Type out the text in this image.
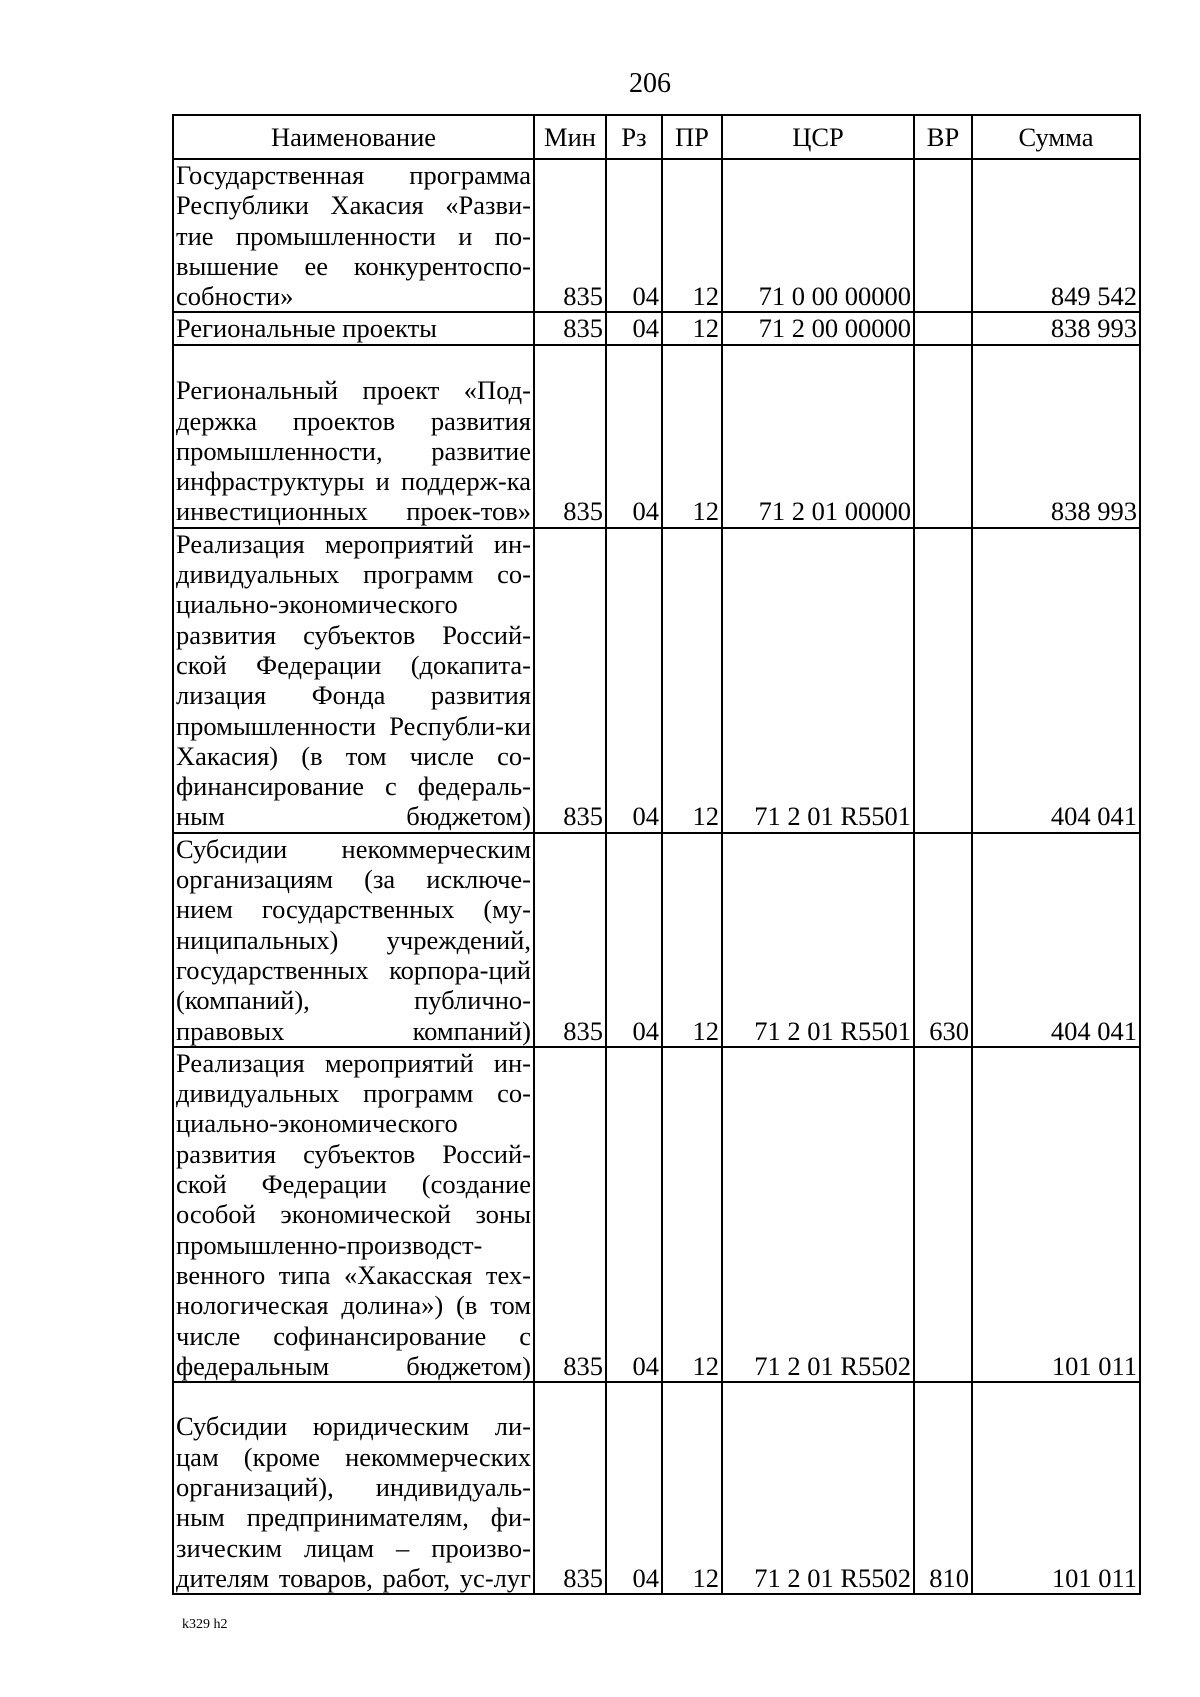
206
Наименование	Мин	Рз	ПР	ЦСР	ВР	Сумма
Государственная программа Республики Хакасия «Разви-тие промышленности и по-вышение ее конкурентоспо-собности»	835	04	12	71 0 00 00000		849 542
Региональные проекты	835	04	12	71 2 00 00000		838 993
Региональный проект «Под-держка проектов развития промышленности, развитие инфраструктуры и поддерж-ка инвестиционных проек-тов»	835	04	12	71 2 01 00000		838 993
Реализация мероприятий ин-дивидуальных программ со-циально-экономического развития субъектов Россий-ской Федерации (докапита-лизация Фонда развития промышленности Республи-ки Хакасия) (в том числе со-финансирование с федераль-ным бюджетом)	835	04	12	71 2 01 R5501		404 041
Субсидии некоммерческим организациям (за исключе-нием государственных (му-ниципальных) учреждений, государственных корпора-ций (компаний), публично-правовых компаний)	835	04	12	71 2 01 R5501	630	404 041
Реализация мероприятий ин-дивидуальных программ со-циально-экономического развития субъектов Россий-ской Федерации (создание особой экономической зоны промышленно-производст-венного типа «Хакасская тех-нологическая долина») (в том числе софинансирование с федеральным бюджетом)	835	04	12	71 2 01 R5502		101 011
Субсидии юридическим ли-цам (кроме некоммерческих организаций), индивидуаль-ным предпринимателям, фи-зическим лицам – произво-дителям товаров, работ, ус-луг	835	04	12	71 2 01 R5502	810	101 011
k329 h2
